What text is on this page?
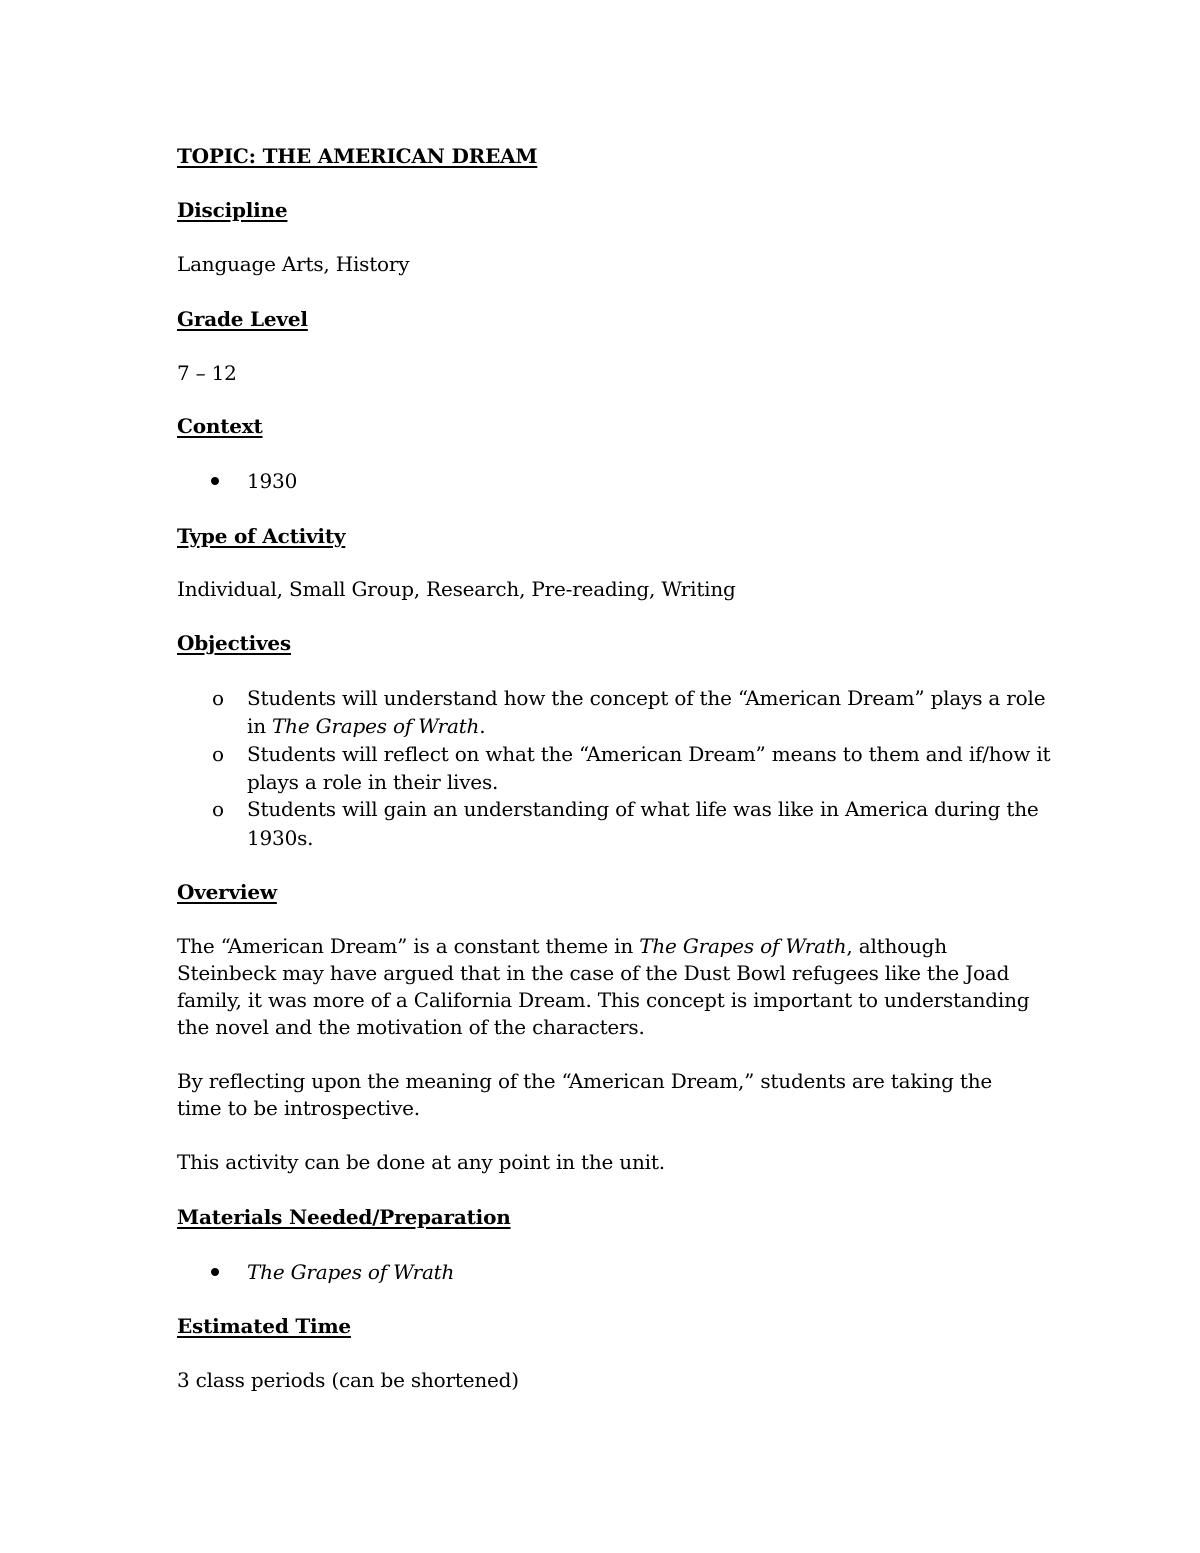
TOPIC: THE AMERICAN DREAM
Discipline
Language Arts, History
Grade Level
7 – 12
Context
1930
Type of Activity
Individual, Small Group, Research, Pre-reading, Writing
Objectives
o Students will understand how the concept of the “American Dream” plays a role
in The Grapes of Wrath.
o Students will reflect on what the “American Dream” means to them and if/how it
plays a role in their lives.
o Students will gain an understanding of what life was like in America during the
1930s.
Overview
The “American Dream” is a constant theme in The Grapes of Wrath, although Steinbeck may have argued that in the case of the Dust Bowl refugees like the Joad family, it was more of a California Dream. This concept is important to understanding the novel and the motivation of the characters.
By reflecting upon the meaning of the “American Dream,” students are taking the time to be introspective.
This activity can be done at any point in the unit.
Materials Needed/Preparation
The Grapes of Wrath
Estimated Time
3 class periods (can be shortened)
